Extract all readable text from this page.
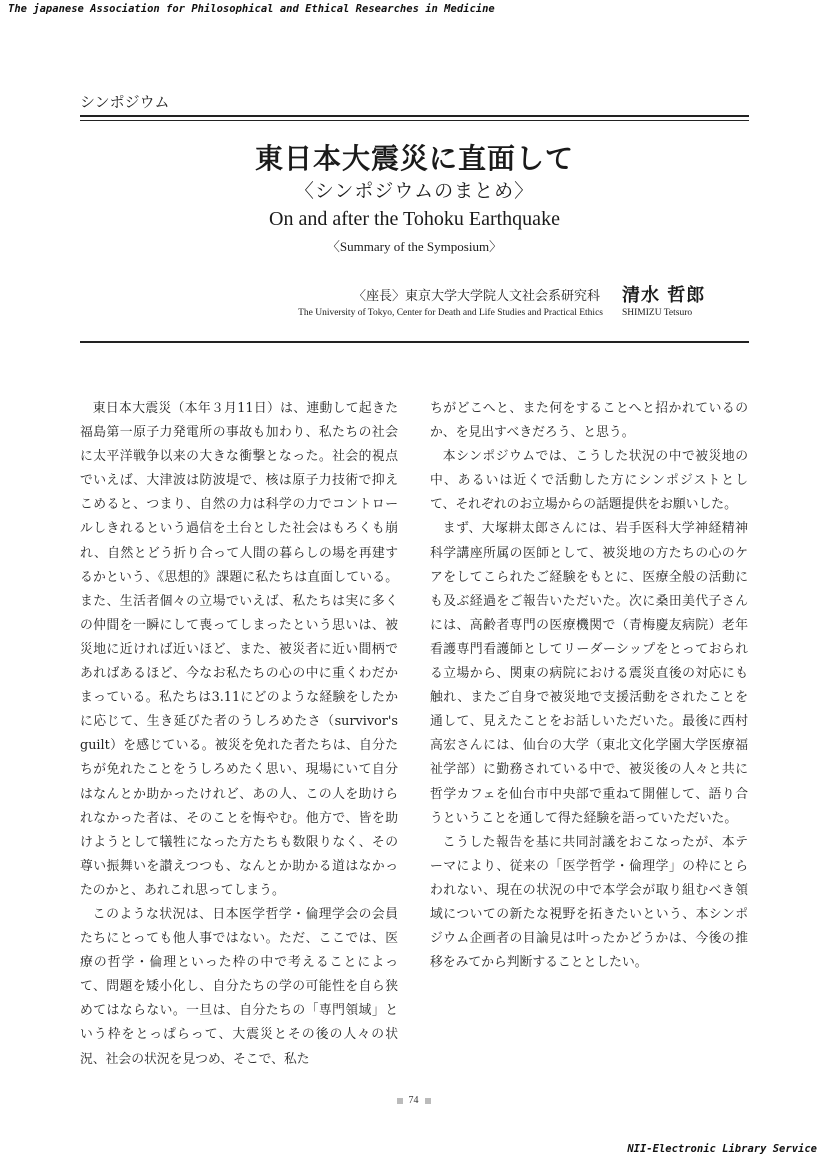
The japanese Association for Philosophical and Ethical Researches in Medicine
シンポジウム
東日本大震災に直面して
〈シンポジウムのまとめ〉
On and after the Tohoku Earthquake
〈Summary of the Symposium〉
〈座長〉東京大学大学院人文社会系研究科 清水 哲郎
The University of Tokyo, Center for Death and Life Studies and Practical Ethics SHIMIZU Tetsuro

東日本大震災（本年３月11日）は、連動して起きた福島第一原子力発電所の事故も加わり、私たちの社会に太平洋戦争以来の大きな衝撃となった。社会的視点でいえば、大津波は防波堤で、核は原子力技術で抑えこめると、つまり、自然の力は科学の力でコントロールしきれるという過信を土台とした社会はもろくも崩れ、自然とどう折り合って人間の暮らしの場を再建するかという、《思想的》課題に私たちは直面している。また、生活者個々の立場でいえば、私たちは実に多くの仲間を一瞬にして喪ってしまったという思いは、被災地に近ければ近いほど、また、被災者に近い間柄であればあるほど、今なお私たちの心の中に重くわだかまっている。私たちは3.11にどのような経験をしたかに応じて、生き延びた者のうしろめたさ（survivor's guilt）を感じている。被災を免れた者たちは、自分たちが免れたことをうしろめたく思い、現場にいて自分はなんとか助かったけれど、あの人、この人を助けられなかった者は、そのことを悔やむ。他方で、皆を助けようとして犠牲になった方たちも数限りなく、その尊い振舞いを讃えつつも、なんとか助かる道はなかったのかと、あれこれ思ってしまう。

このような状況は、日本医学哲学・倫理学会の会員たちにとっても他人事ではない。ただ、ここでは、医療の哲学・倫理といった枠の中で考えることによって、問題を矮小化し、自分たちの学の可能性を自ら狭めてはならない。一旦は、自分たちの「専門領域」という枠をとっぱらって、大震災とその後の人々の状況、社会の状況を見つめ、そこで、私た

ちがどこへと、また何をすることへと招かれているのか、を見出すべきだろう、と思う。

本シンポジウムでは、こうした状況の中で被災地の中、あるいは近くで活動した方にシンポジストとして、それぞれのお立場からの話題提供をお願いした。

まず、大塚耕太郎さんには、岩手医科大学神経精神科学講座所属の医師として、被災地の方たちの心のケアをしてこられたご経験をもとに、医療全般の活動にも及ぶ経過をご報告いただいた。次に桑田美代子さんには、高齢者専門の医療機関で（青梅慶友病院）老年看護専門看護師としてリーダーシップをとっておられる立場から、関東の病院における震災直後の対応にも触れ、またご自身で被災地で支援活動をされたことを通して、見えたことをお話しいただいた。最後に西村高宏さんには、仙台の大学（東北文化学園大学医療福祉学部）に勤務されている中で、被災後の人々と共に哲学カフェを仙台市中央部で重ねて開催して、語り合うということを通して得た経験を語っていただいた。

こうした報告を基に共同討議をおこなったが、本テーマにより、従来の「医学哲学・倫理学」の枠にとらわれない、現在の状況の中で本学会が取り組むべき領域についての新たな視野を拓きたいという、本シンポジウム企画者の目論見は叶ったかどうかは、今後の推移をみてから判断することとしたい。

74
NII-Electronic Library Service
